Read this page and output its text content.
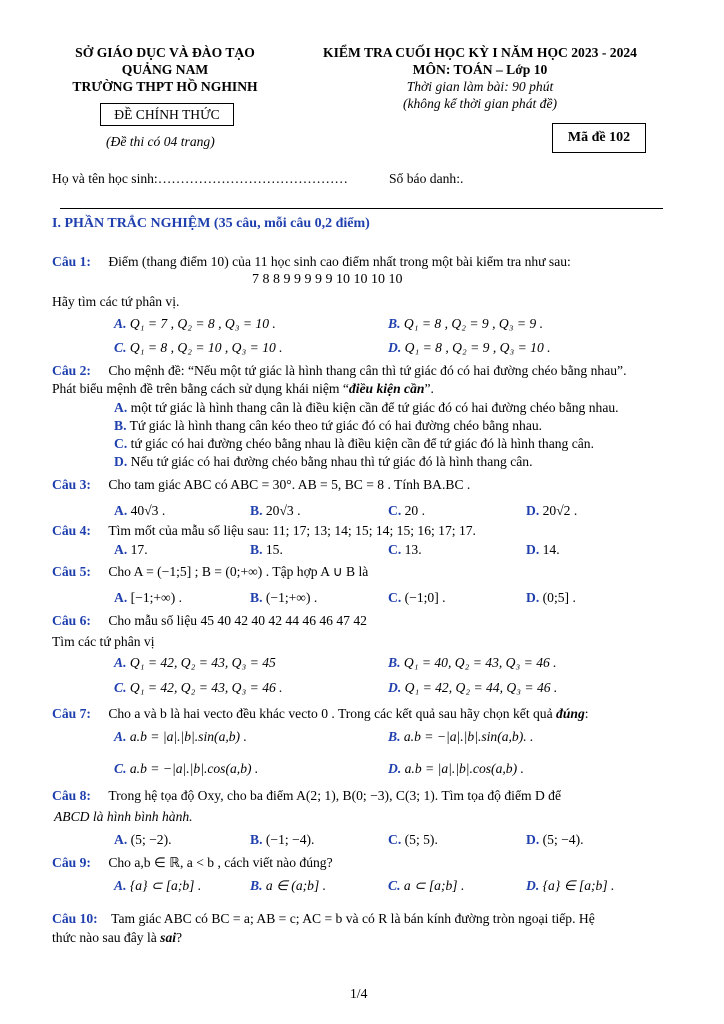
SỞ GIÁO DỤC VÀ ĐÀO TẠO
QUẢNG NAM
TRƯỜNG THPT HỒ NGHINH
ĐỀ CHÍNH THỨC
(Đề thi có 04 trang)
KIỂM TRA CUỐI HỌC KỲ I NĂM HỌC 2023 - 2024
MÔN: TOÁN – Lớp 10
Thời gian làm bài: 90 phút
(không kể thời gian phát đề)
Mã đề 102
Họ và tên học sinh:……………………………………	Số báo danh:.
I. PHẦN TRẮC NGHIỆM (35 câu, mỗi câu 0,2 điểm)
Câu 1: Điểm (thang điểm 10) của 11 học sinh cao điểm nhất trong một bài kiểm tra như sau:
7 8 8 9 9 9 9 9 10 10 10 10
Hãy tìm các tứ phân vị.
A. Q₁ = 7 , Q₂ = 8 , Q₃ = 10 .	B. Q₁ = 8 , Q₂ = 9 , Q₃ = 9 .
C. Q₁ = 8 , Q₂ = 10 , Q₃ = 10 .	D. Q₁ = 8 , Q₂ = 9 , Q₃ = 10 .
Câu 2: Cho mệnh đề: “Nếu một tứ giác là hình thang cân thì tứ giác đó có hai đường chéo bằng nhau”.
Phát biểu mệnh đề trên bằng cách sử dụng khái niệm “điều kiện cần”.
A. một tứ giác là hình thang cân là điều kiện cần để tứ giác đó có hai đường chéo bằng nhau.
B. Tứ giác là hình thang cân kéo theo tứ giác đó có hai đường chéo bằng nhau.
C. tứ giác có hai đường chéo bằng nhau là điều kiện cần để tứ giác đó là hình thang cân.
D. Nếu tứ giác có hai đường chéo bằng nhau thì tứ giác đó là hình thang cân.
Câu 3: Cho tam giác ABC có ABC = 30°. AB = 5, BC = 8 . Tính BA.BC .
A. 40√3 .	B. 20√3 .	C. 20 .	D. 20√2 .
Câu 4: Tìm mốt của mẫu số liệu sau: 11; 17; 13; 14; 15; 14; 15; 16; 17; 17.
A. 17.	B. 15.	C. 13.	D. 14.
Câu 5: Cho A = (−1;5] ; B = (0;+∞) . Tập hợp A ∪ B là
A. [−1;+∞) .	B. (−1;+∞) .	C. (−1;0] .	D. (0;5] .
Câu 6: Cho mẫu số liệu 45 40 42 40 42 44 46 46 47 42
Tìm các tứ phân vị
A. Q₁ = 42, Q₂ = 43, Q₃ = 45	B. Q₁ = 40, Q₂ = 43, Q₃ = 46 .
C. Q₁ = 42, Q₂ = 43, Q₃ = 46 .	D. Q₁ = 42, Q₂ = 44, Q₃ = 46 .
Câu 7: Cho a và b là hai vecto đều khác vecto 0 . Trong các kết quả sau hãy chọn kết quả đúng:
A. a.b = |a|.|b|.sin(a,b) .	B. a.b = −|a|.|b|.sin(a,b). .
C. a.b = −|a|.|b|.cos(a,b) .	D. a.b = |a|.|b|.cos(a,b) .
Câu 8: Trong hệ tọa độ Oxy, cho ba điểm A(2; 1), B(0; −3), C(3; 1). Tìm tọa độ điểm D để
ABCD là hình bình hành.
A. (5; −2).	B. (−1; −4).	C. (5; 5).	D. (5; −4).
Câu 9: Cho a,b ∈ ℝ, a < b , cách viết nào đúng?
A. {a} ⊂ [a;b] .	B. a ∈ (a;b] .	C. a ⊂ [a;b] .	D. {a} ∈ [a;b] .
Câu 10: Tam giác ABC có BC = a; AB = c; AC = b và có R là bán kính đường tròn ngoại tiếp. Hệ
thức nào sau đây là sai?
1/4
